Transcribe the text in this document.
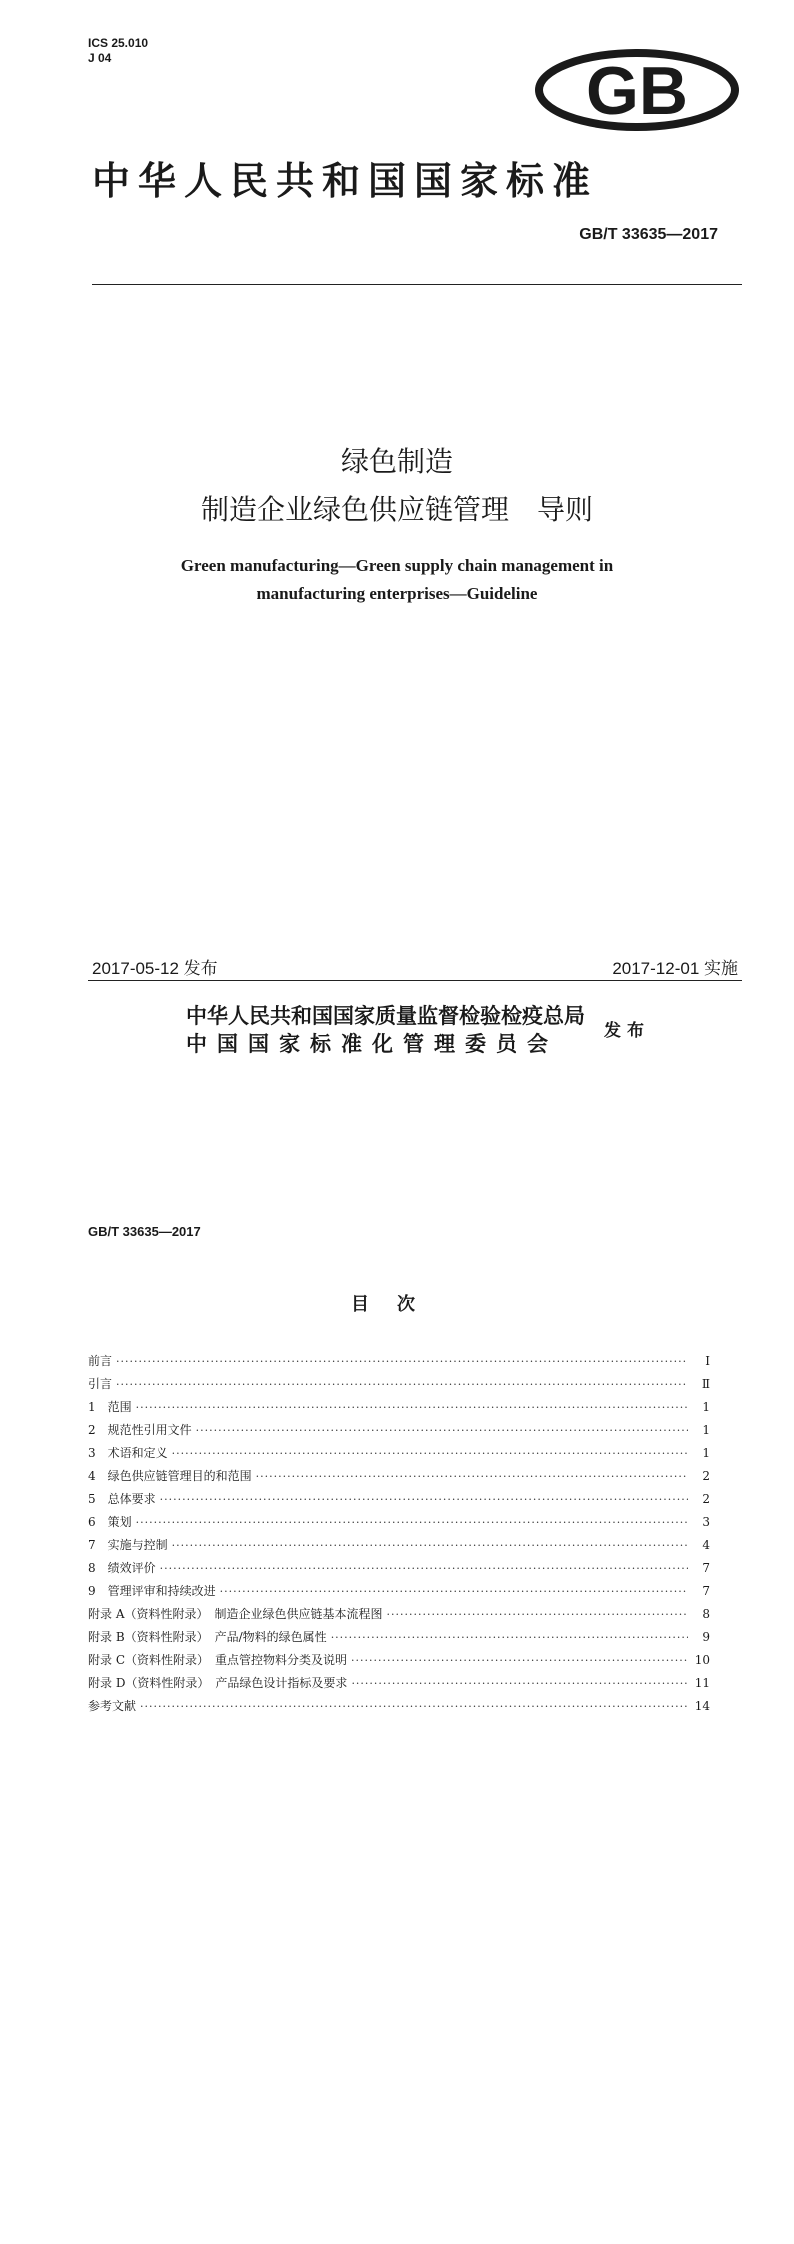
ICS 25.010
J 04	GB
中华人民共和国国家标准
GB/T 33635—2017
绿色制造
制造企业绿色供应链管理　导则
Green manufacturing—Green supply chain management in
manufacturing enterprises—Guideline
2017-05-12 发布	2017-12-01 实施
中华人民共和国国家质量监督检验检疫总局
中国国家标准化管理委员会
发布
GB/T 33635—2017
目次
前言 ·····	Ⅰ
引言 ·····	Ⅱ
1　范围 ·····	1
2　规范性引用文件 ·····	1
3　术语和定义 ·····	1
4　绿色供应链管理目的和范围 ·····	2
5　总体要求 ·····	2
6　策划 ·····	3
7　实施与控制 ·····	4
8　绩效评价 ·····	7
9　管理评审和持续改进 ·····	7
附录 A（资料性附录）　制造企业绿色供应链基本流程图 ·····	8
附录 B（资料性附录）　产品/物料的绿色属性 ·····	9
附录 C（资料性附录）　重点管控物料分类及说明 ·····	10
附录 D（资料性附录）　产品绿色设计指标及要求 ·····	11
参考文献 ·····	14
